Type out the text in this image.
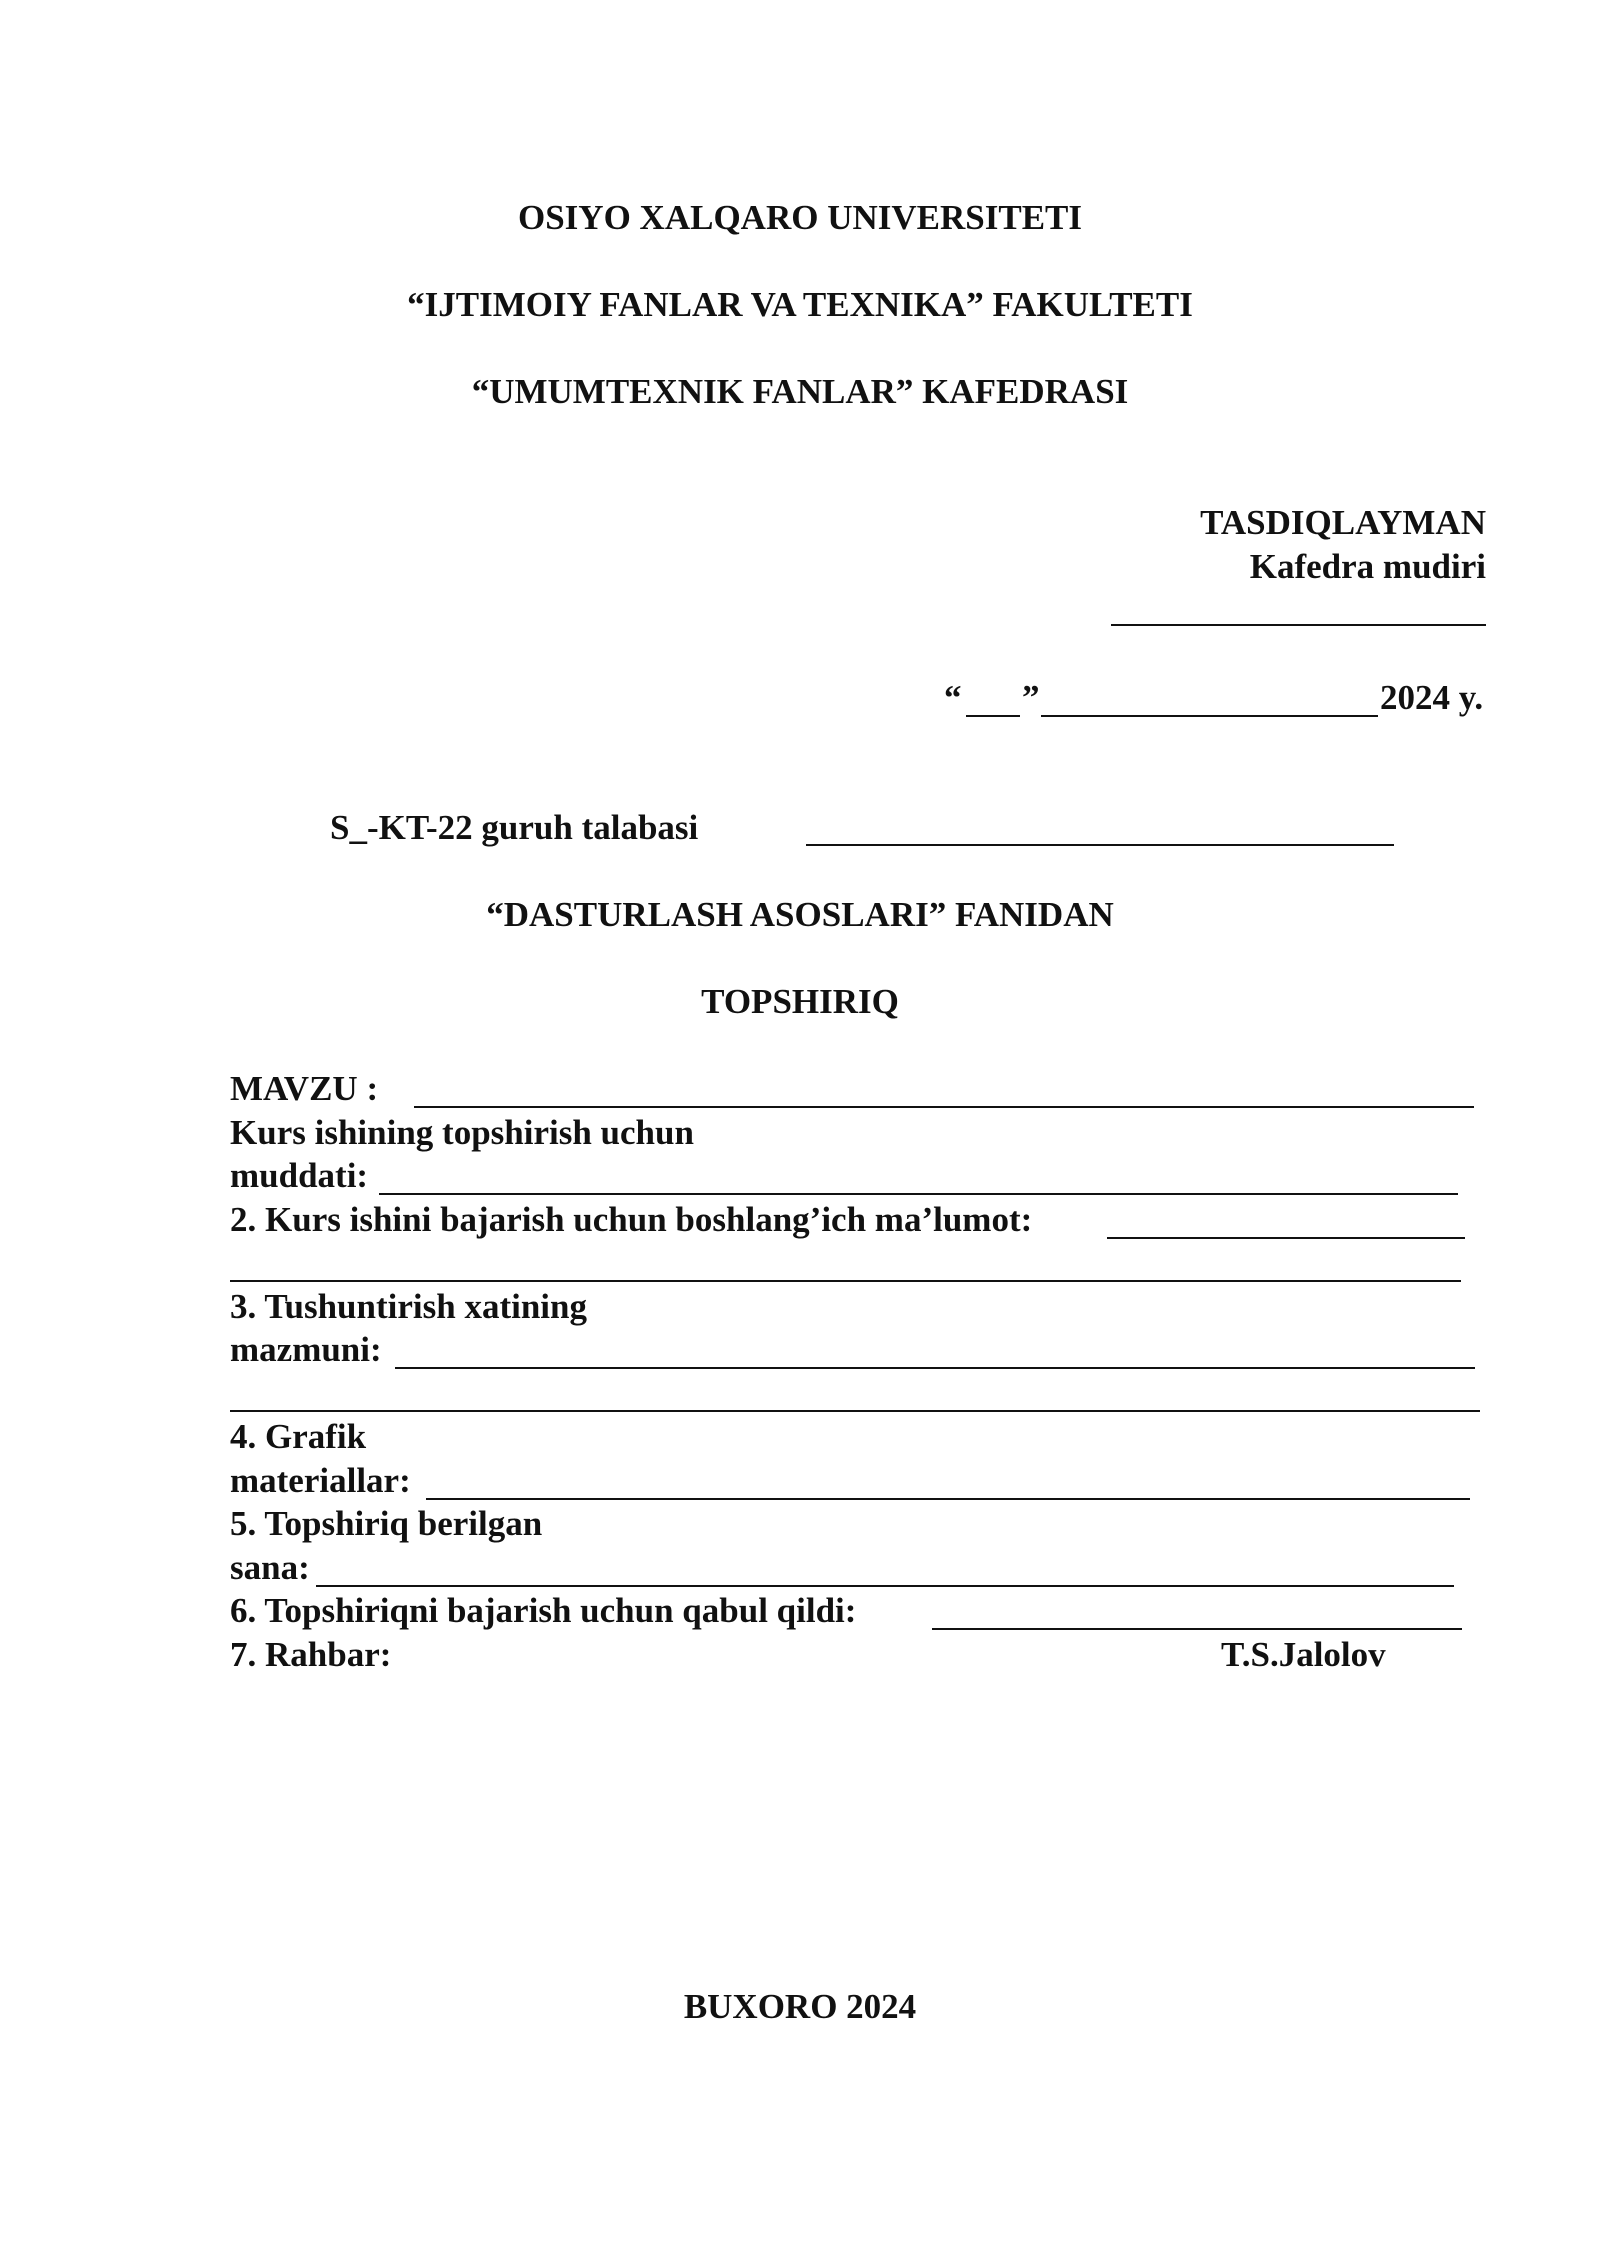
OSIYO XALQARO UNIVERSITETI
“IJTIMOIY FANLAR VA TEXNIKA” FAKULTETI
“UMUMTEXNIK FANLAR” KAFEDRASI
TASDIQLAYMAN
Kafedra mudiri
“ ”	2024 y.
S_-KT-22 guruh talabasi
“DASTURLASH ASOSLARI” FANIDAN
TOPSHIRIQ
MAVZU :
Kurs ishining topshirish uchun
muddati:
2. Kurs ishini bajarish uchun boshlang’ich ma’lumot:
3. Tushuntirish xatining
mazmuni:
4. Grafik
materiallar:
5. Topshiriq berilgan
sana:
6. Topshiriqni bajarish uchun qabul qildi:
7. Rahbar:	T.S.Jalolov
BUXORO 2024
